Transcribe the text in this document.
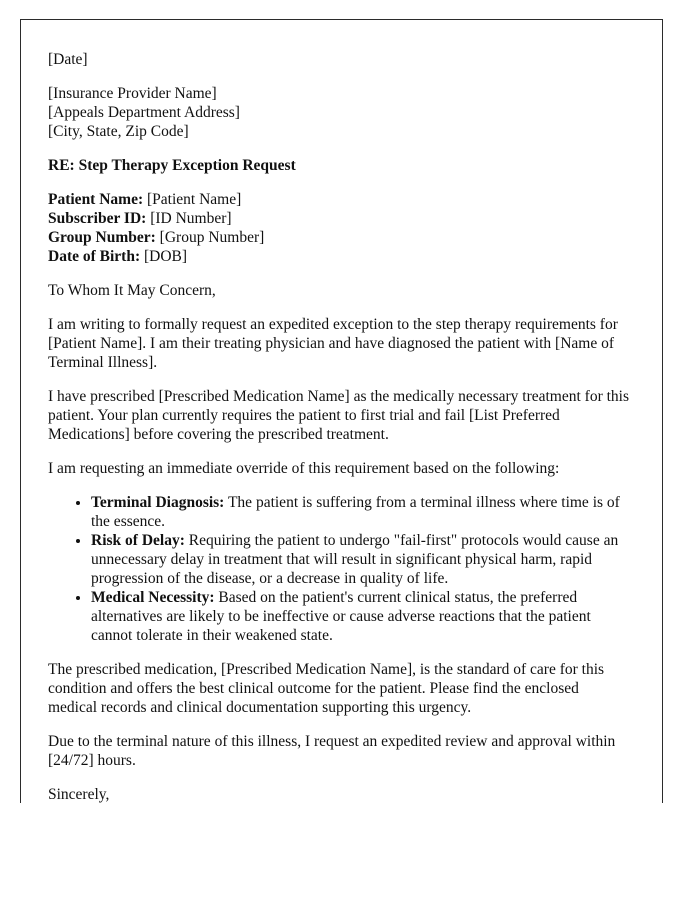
[Date]

[Insurance Provider Name]
[Appeals Department Address]
[City, State, Zip Code]

RE: Step Therapy Exception Request

Patient Name: [Patient Name]
Subscriber ID: [ID Number]
Group Number: [Group Number]
Date of Birth: [DOB]

To Whom It May Concern,

I am writing to formally request an expedited exception to the step therapy requirements for [Patient Name]. I am their treating physician and have diagnosed the patient with [Name of Terminal Illness].

I have prescribed [Prescribed Medication Name] as the medically necessary treatment for this patient. Your plan currently requires the patient to first trial and fail [List Preferred Medications] before covering the prescribed treatment.

I am requesting an immediate override of this requirement based on the following:

• Terminal Diagnosis: The patient is suffering from a terminal illness where time is of the essence.
• Risk of Delay: Requiring the patient to undergo "fail-first" protocols would cause an unnecessary delay in treatment that will result in significant physical harm, rapid progression of the disease, or a decrease in quality of life.
• Medical Necessity: Based on the patient's current clinical status, the preferred alternatives are likely to be ineffective or cause adverse reactions that the patient cannot tolerate in their weakened state.

The prescribed medication, [Prescribed Medication Name], is the standard of care for this condition and offers the best clinical outcome for the patient. Please find the enclosed medical records and clinical documentation supporting this urgency.

Due to the terminal nature of this illness, I request an expedited review and approval within [24/72] hours.

Sincerely,
